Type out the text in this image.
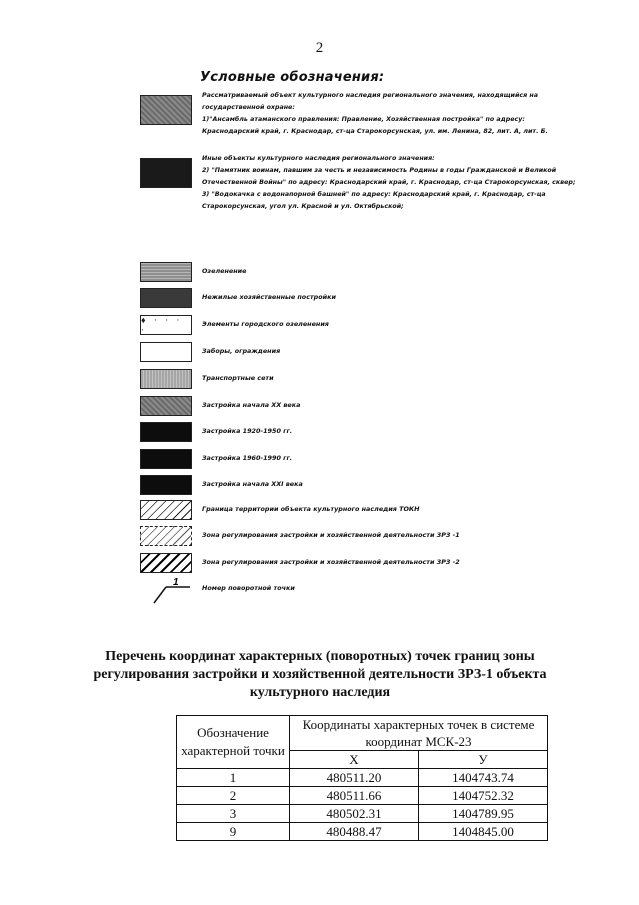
2
Условные обозначения:
Рассматриваемый объект культурного наследия регионального значения, находящийся на государственной охране:
1)"Ансамбль атаманского правления: Правление, Хозяйственная постройка" по адресу: Краснодарский край, г. Краснодар, ст-ца Старокорсунская, ул. им. Ленина, 82, лит. А, лит. Б.
Иные объекты культурного наследия регионального значения:
2) "Памятник воинам, павшим за честь и независимость Родины в годы Гражданской и Великой Отечественной Войны" по адресу: Краснодарский край, г. Краснодар, ст-ца Старокорсунская, сквер;
3) "Водокачка с водонапорной башней" по адресу: Краснодарский край, г. Краснодар, ст-ца Старокорсунская, угол ул. Красной и ул. Октябрьской;
Озеленение
Нежилые хозяйственные постройки
♦ · · · ·
Элементы городского озеленения
Заборы, ограждения
Транспортные сети
Застройка начала XX века
Застройка 1920-1950 гг.
Застройка 1960-1990 гг.
Застройка начала XXI века
Граница территории объекта культурного наследия ТОКН
Зона регулирования застройки и хозяйственной деятельности ЗРЗ -1
Зона регулирования застройки и хозяйственной деятельности ЗРЗ -2
1	Номер поворотной точки
Перечень координат характерных (поворотных) точек границ зоны регулирования застройки и хозяйственной деятельности ЗРЗ-1 объекта культурного наследия
Обозначение характерной точки	Координаты характерных точек в системе координат МСК-23	
	Х	У
1	480511.20	1404743.74
2	480511.66	1404752.32
3	480502.31	1404789.95
9	480488.47	1404845.00
